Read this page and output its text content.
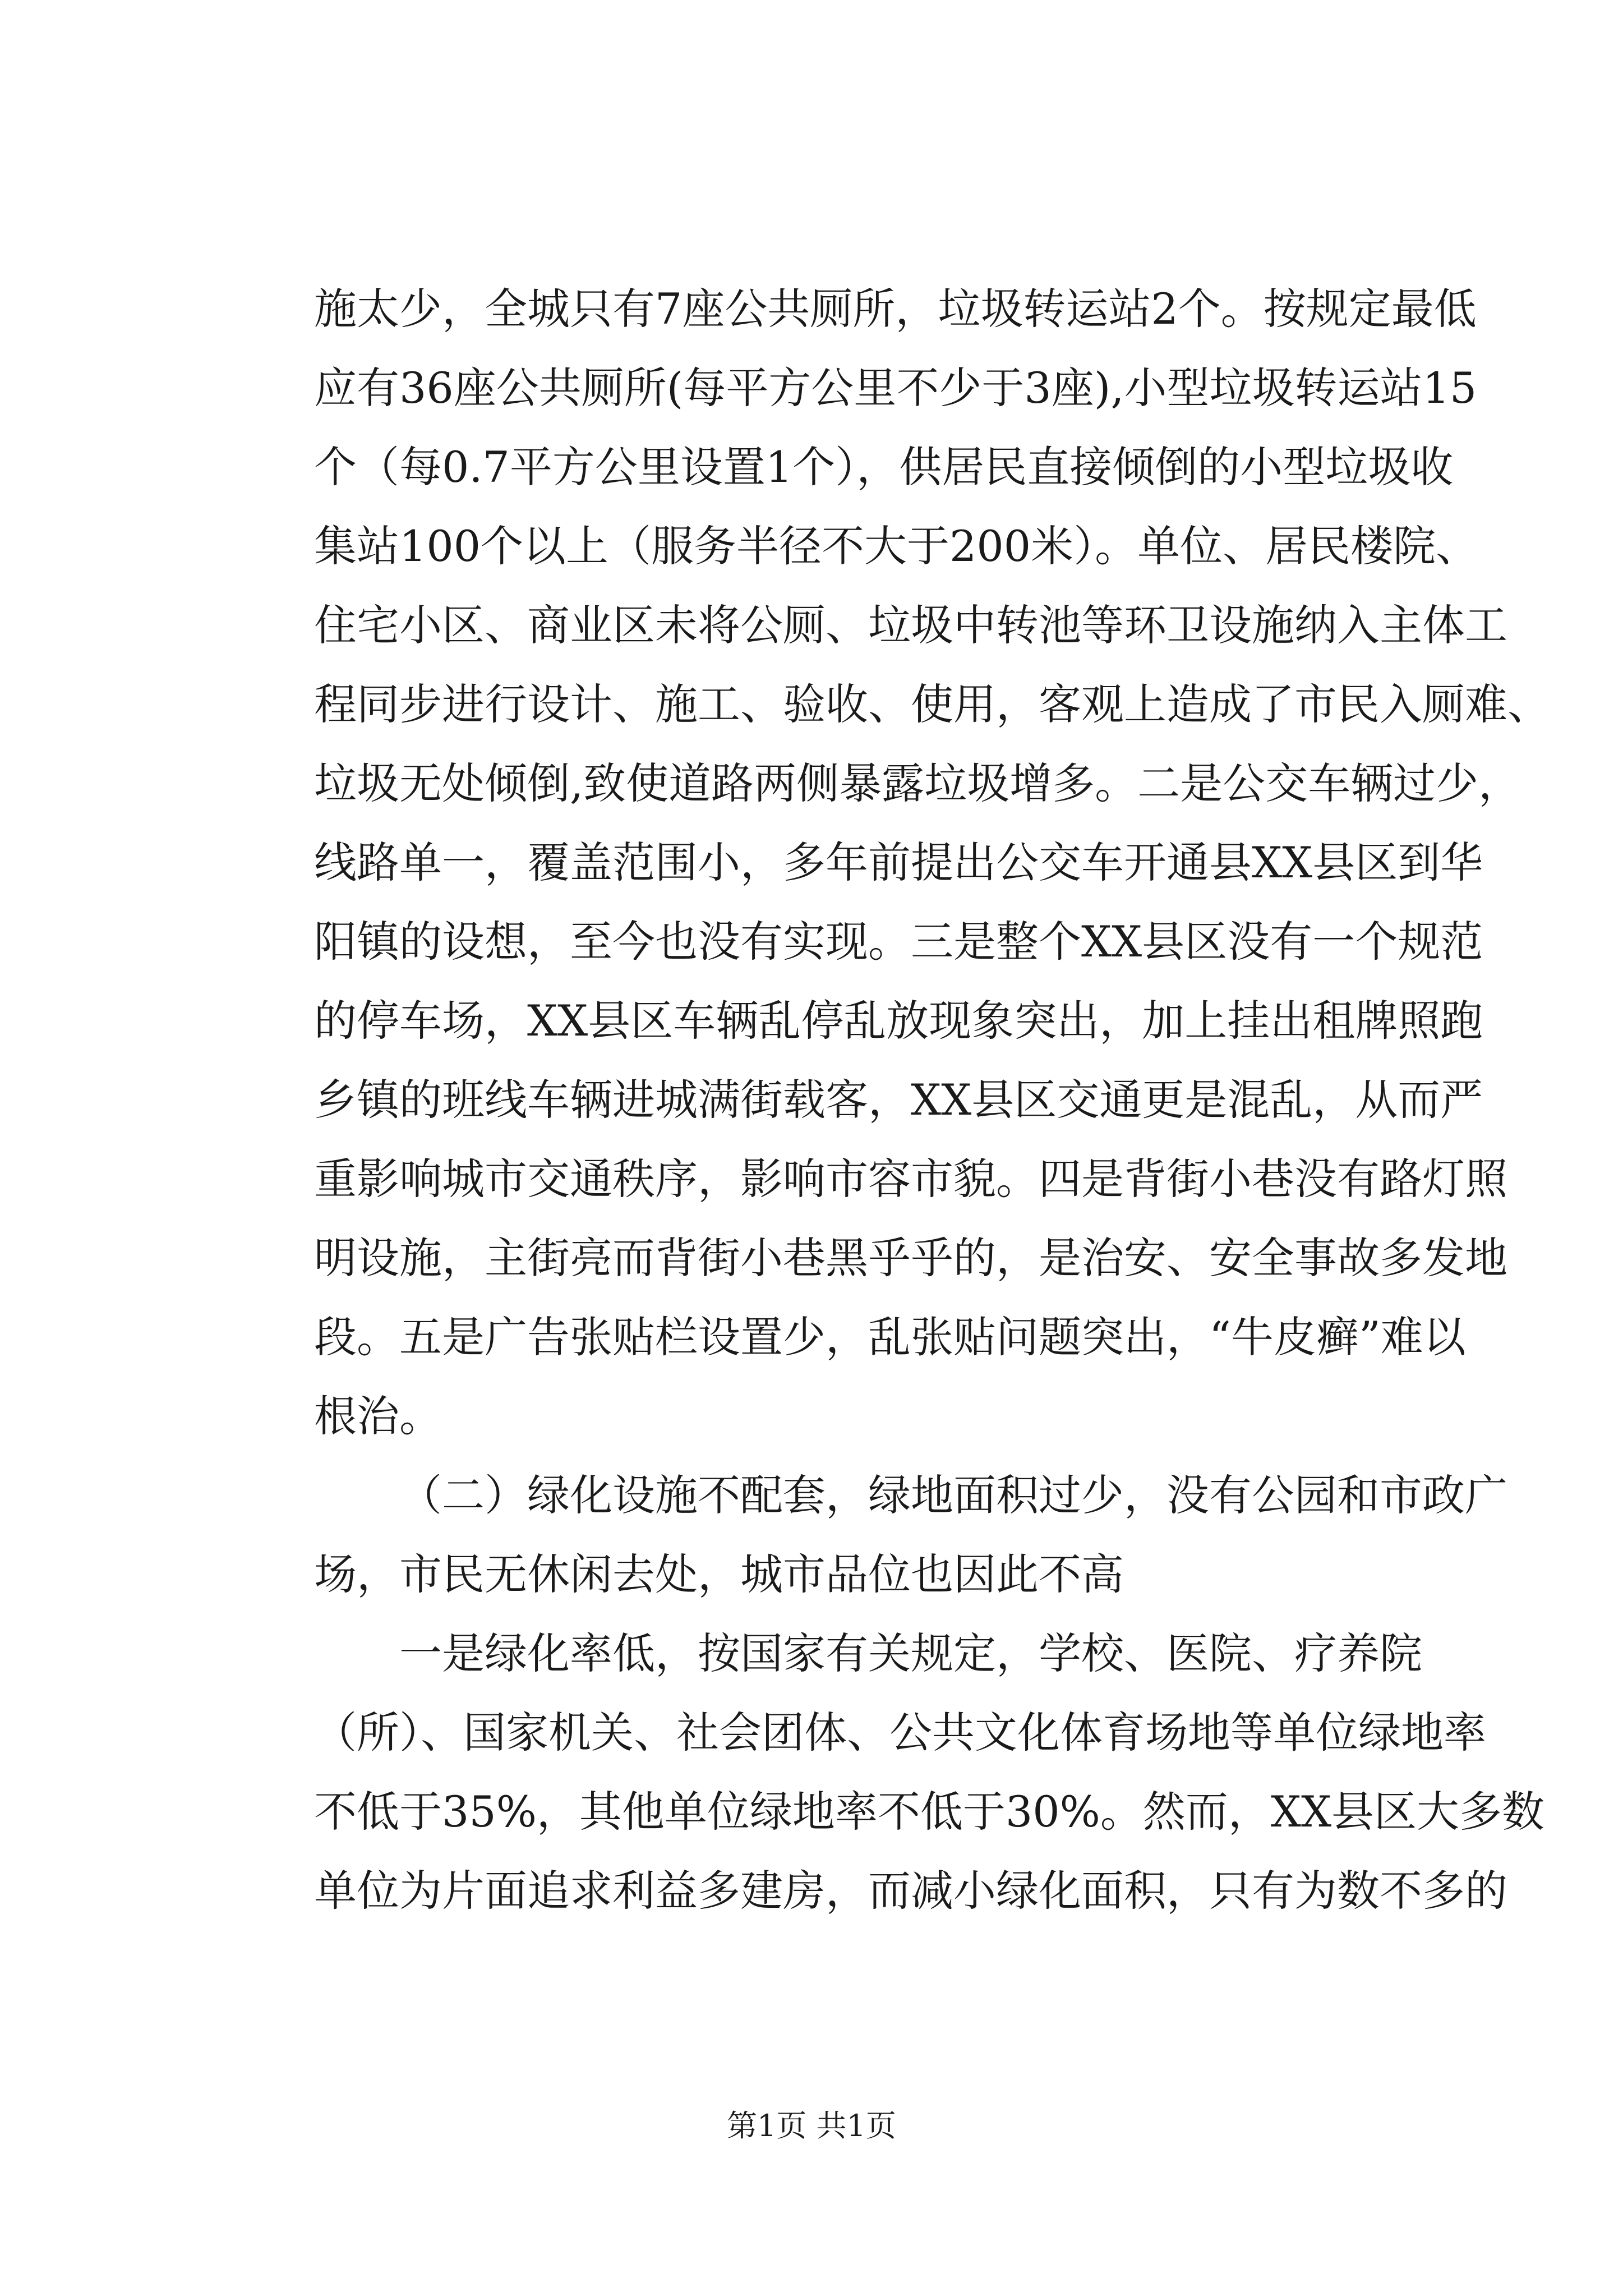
施太少，全城只有7座公共厕所，垃圾转运站2个。按规定最低
应有36座公共厕所(每平方公里不少于3座),小型垃圾转运站15
个（每0.7平方公里设置1个），供居民直接倾倒的小型垃圾收
集站100个以上（服务半径不大于200米）。单位、居民楼院、
住宅小区、商业区未将公厕、垃圾中转池等环卫设施纳入主体工
程同步进行设计、施工、验收、使用，客观上造成了市民入厕难、
垃圾无处倾倒,致使道路两侧暴露垃圾增多。二是公交车辆过少，
线路单一，覆盖范围小，多年前提出公交车开通县XX县区到华
阳镇的设想，至今也没有实现。三是整个XX县区没有一个规范
的停车场，XX县区车辆乱停乱放现象突出，加上挂出租牌照跑
乡镇的班线车辆进城满街载客，XX县区交通更是混乱，从而严
重影响城市交通秩序，影响市容市貌。四是背街小巷没有路灯照
明设施，主街亮而背街小巷黑乎乎的，是治安、安全事故多发地
段。五是广告张贴栏设置少，乱张贴问题突出，“牛皮癣”难以
根治。
（二）绿化设施不配套，绿地面积过少，没有公园和市政广
场，市民无休闲去处，城市品位也因此不高
一是绿化率低，按国家有关规定，学校、医院、疗养院
（所）、国家机关、社会团体、公共文化体育场地等单位绿地率
不低于35%，其他单位绿地率不低于30%。然而，XX县区大多数
单位为片面追求利益多建房，而减小绿化面积，只有为数不多的
第1页 共1页
